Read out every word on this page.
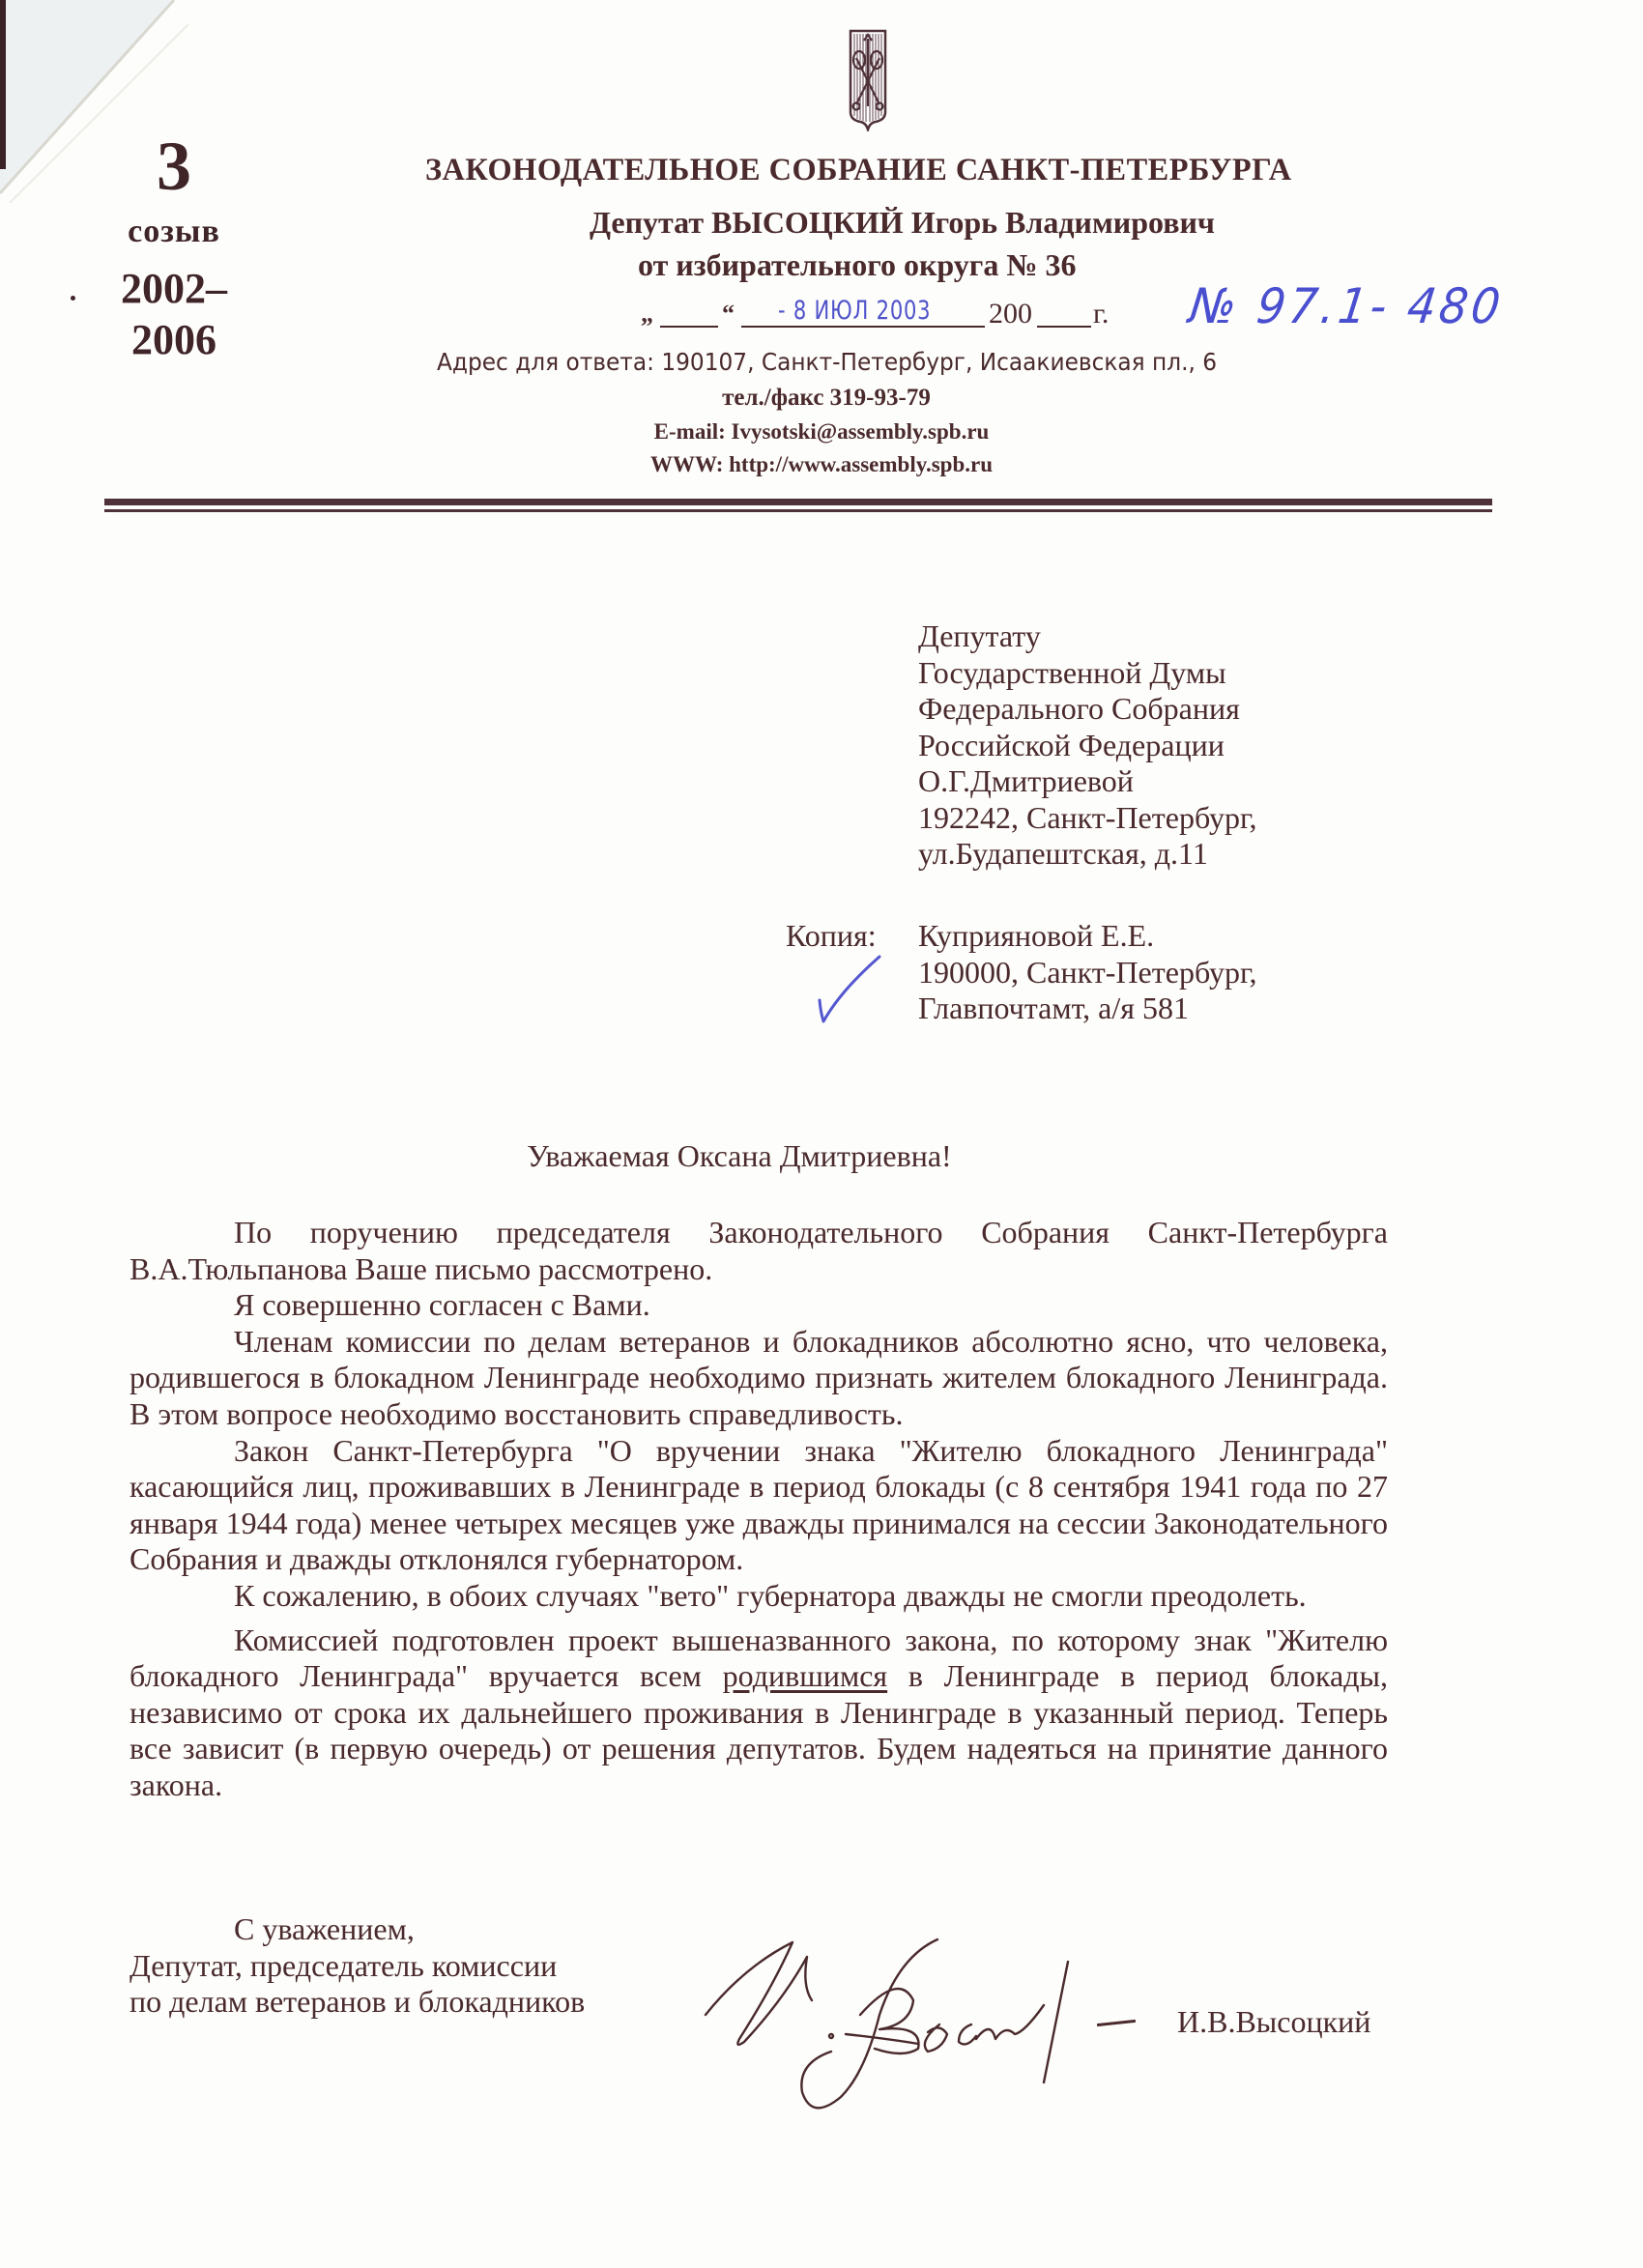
3
созыв
2002–
2006
ЗАКОНОДАТЕЛЬНОЕ СОБРАНИЕ САНКТ-ПЕТЕРБУРГА
Депутат ВЫСОЦКИЙ Игорь Владимирович
от избирательного округа № 36
„	“ - 8 ИЮЛ 2003 200 г. № 97.1- 480
Адрес для ответа: 190107, Санкт-Петербург, Исаакиевская пл., 6
тел./факс 319-93-79
E-mail: Ivysotski@assembly.spb.ru
WWW: http://www.assembly.spb.ru
Депутату
Государственной Думы
Федерального Собрания
Российской Федерации
О.Г.Дмитриевой
192242, Санкт-Петербург,
ул.Будапештская, д.11
Копия: Куприяновой Е.Е.
190000, Санкт-Петербург,
Главпочтамт, а/я 581
Уважаемая Оксана Дмитриевна!

По поручению председателя Законодательного Собрания Санкт-Петербурга В.А.Тюльпанова Ваше письмо рассмотрено.

Я совершенно согласен с Вами.

Членам комиссии по делам ветеранов и блокадников абсолютно ясно, что человека, родившегося в блокадном Ленинграде необходимо признать жителем блокадного Ленинграда. В этом вопросе необходимо восстановить справедливость.

Закон Санкт-Петербурга "О вручении знака "Жителю блокадного Ленинграда" касающийся лиц, проживавших в Ленинграде в период блокады (с 8 сентября 1941 года по 27 января 1944 года) менее четырех месяцев уже дважды принимался на сессии Законодательного Собрания и дважды отклонялся губернатором.

К сожалению, в обоих случаях "вето" губернатора дважды не смогли преодолеть.

Комиссией подготовлен проект вышеназванного закона, по которому знак "Жителю блокадного Ленинграда" вручается всем родившимся в Ленинграде в период блокады, независимо от срока их дальнейшего проживания в Ленинграде в указанный период. Теперь все зависит (в первую очередь) от решения депутатов. Будем надеяться на принятие данного закона.

С уважением,
Депутат, председатель комиссии
по делам ветеранов и блокадников
И.В.Высоцкий
